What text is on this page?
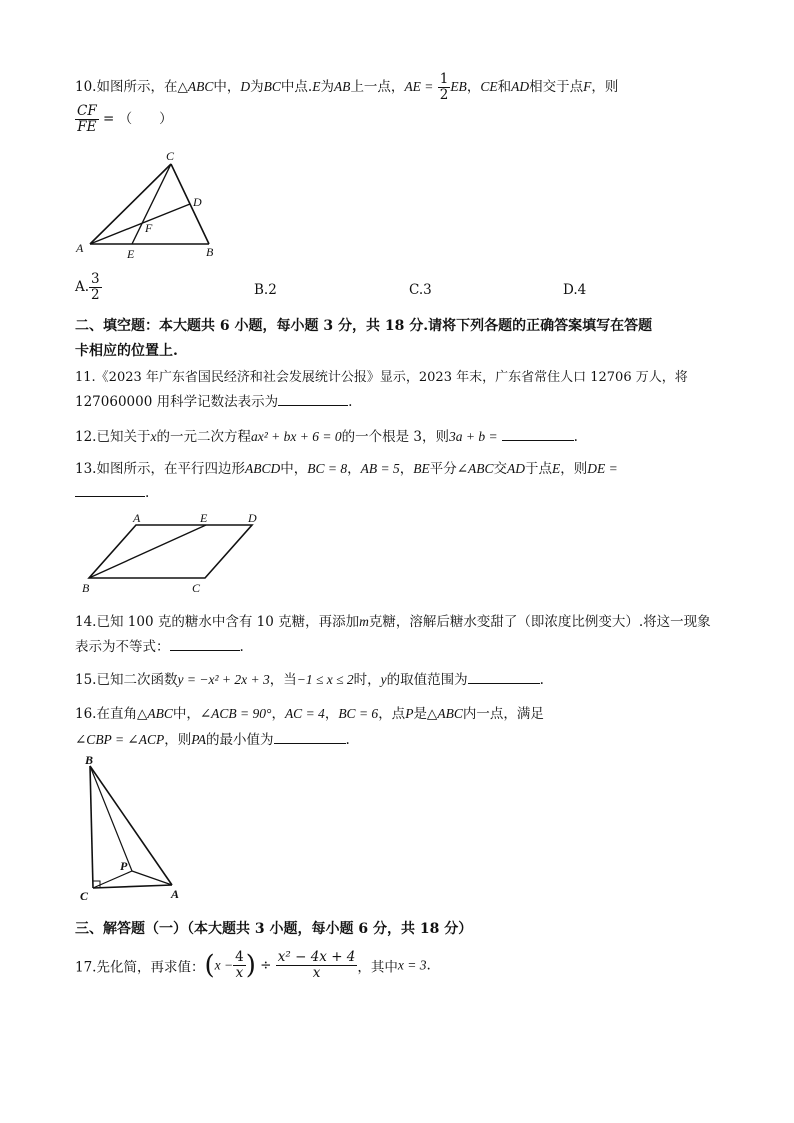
10.如图所示，在△ABC中，D为BC中点.E为AB上一点，AE = $\frac{1}{2}$ EB，CE和AD相交于点F，则
$\frac{CF}{FE}$ = （　　）
C
D
F
A	E	B
A. $\frac{3}{2}$	B.2	C.3	D.4
二、填空题：本大题共 6 小题，每小题 3 分，共 18 分.请将下列各题的正确答案填写在答题
卡相应的位置上.
11.《2023 年广东省国民经济和社会发展统计公报》显示，2023 年末，广东省常住人口 12706 万人，将
127060000 用科学记数法表示为	.
12.已知关于x的一元二次方程ax² + bx + 6 = 0的一个根是 3，则3a + b =	.
13.如图所示，在平行四边形ABCD中，BC = 8，AB = 5，BE平分∠ABC交AD于点E，则DE =
.
A	E	D
B	C
14.已知 100 克的糖水中含有 10 克糖，再添加m克糖，溶解后糖水变甜了（即浓度比例变大）.将这一现象
表示为不等式：	.
15.已知二次函数y = −x² + 2x + 3，当−1 ≤ x ≤ 2时，y的取值范围为	.
16.在直角△ABC中，∠ACB = 90°，AC = 4，BC = 6，点P是△ABC内一点，满足
∠CBP = ∠ACP，则PA的最小值为	.
B
P
C	A
三、解答题（一）（本大题共 3 小题，每小题 6 分，共 18 分）
17.先化简，再求值：($x - \frac{4}{x}$ ) ÷ $\frac{\text{x² − 4x + 4}}{x}$ ，其中x = 3.
